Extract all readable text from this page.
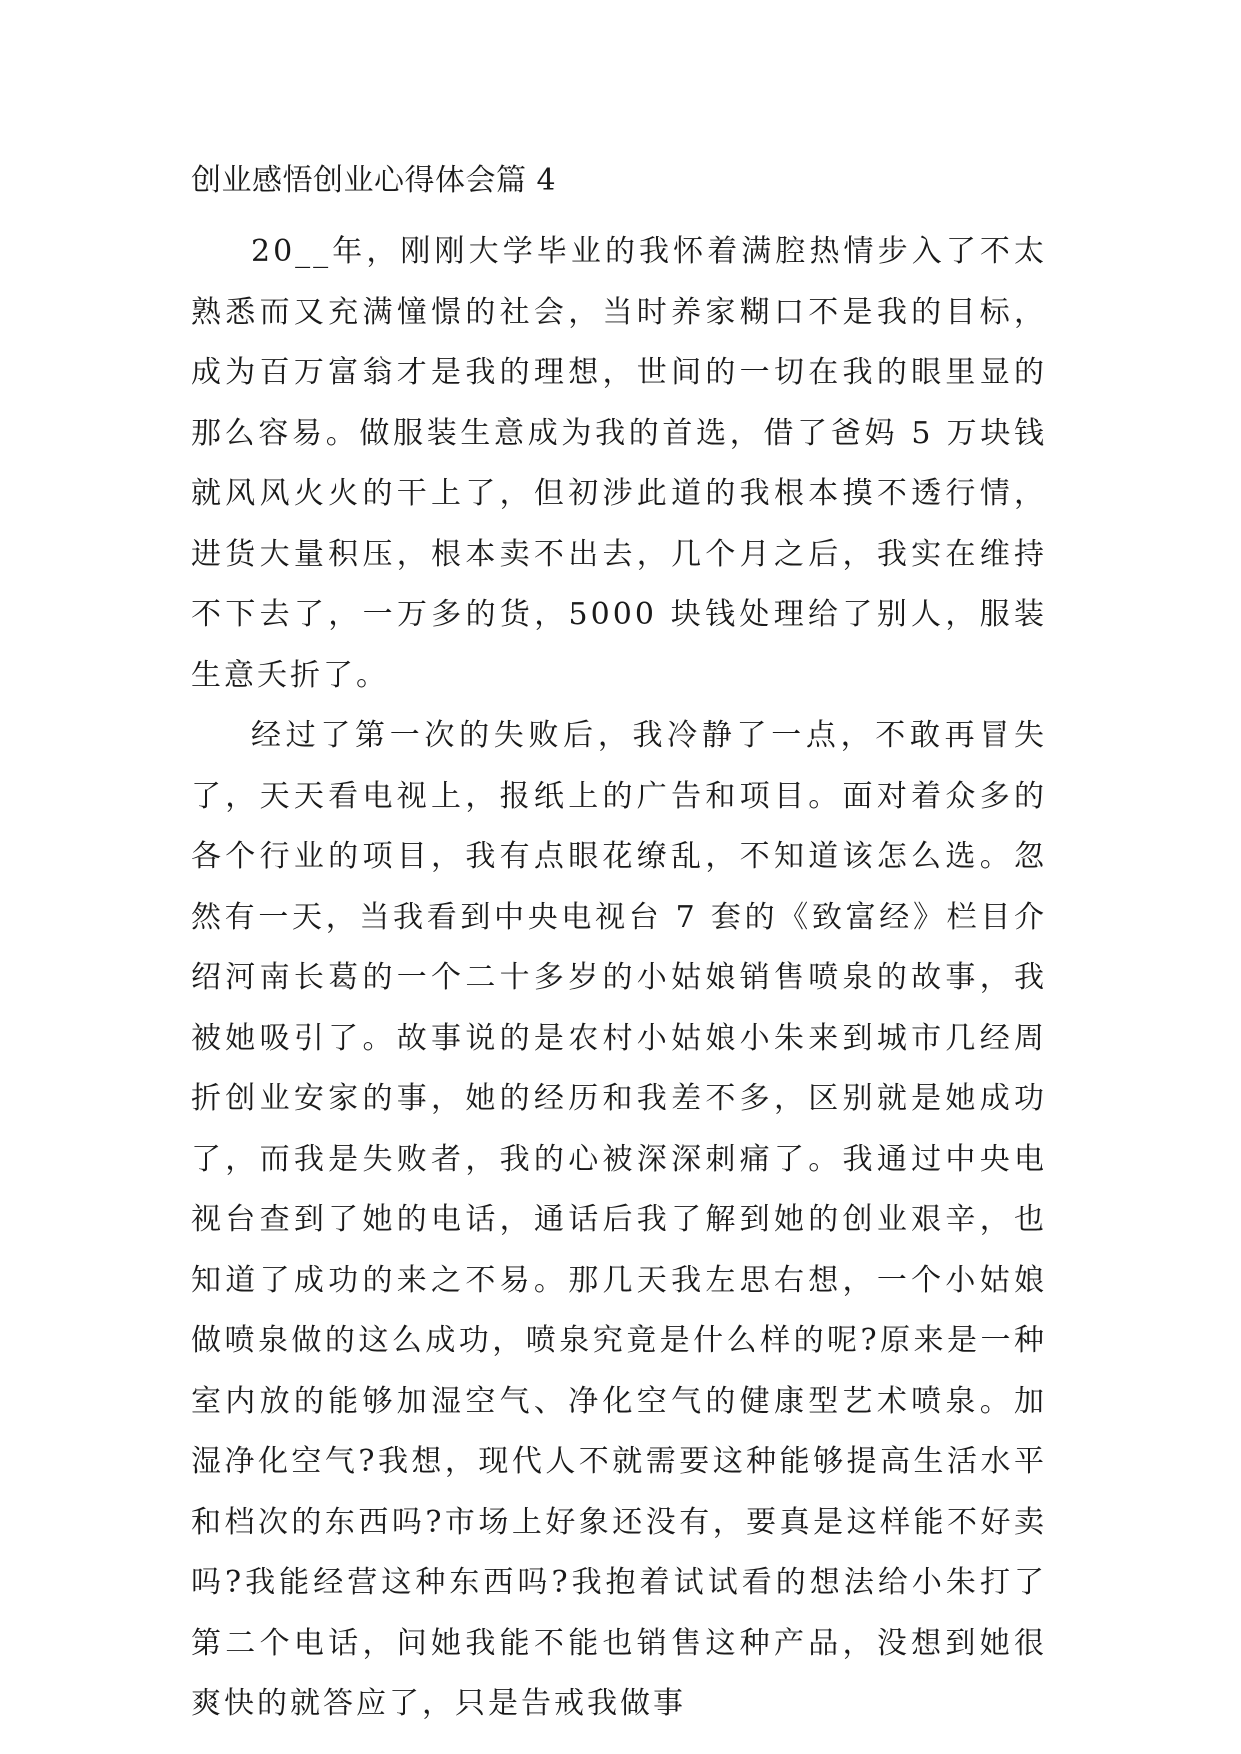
创业感悟创业心得体会篇 4

20__年，刚刚大学毕业的我怀着满腔热情步入了不太熟悉而又充满憧憬的社会，当时养家糊口不是我的目标，成为百万富翁才是我的理想，世间的一切在我的眼里显的那么容易。做服装生意成为我的首选，借了爸妈 5 万块钱就风风火火的干上了，但初涉此道的我根本摸不透行情，进货大量积压，根本卖不出去，几个月之后，我实在维持不下去了，一万多的货，5000 块钱处理给了别人，服装生意夭折了。

经过了第一次的失败后，我冷静了一点，不敢再冒失了，天天看电视上，报纸上的广告和项目。面对着众多的各个行业的项目，我有点眼花缭乱，不知道该怎么选。忽然有一天，当我看到中央电视台 7 套的《致富经》栏目介绍河南长葛的一个二十多岁的小姑娘销售喷泉的故事，我被她吸引了。故事说的是农村小姑娘小朱来到城市几经周折创业安家的事，她的经历和我差不多，区别就是她成功了，而我是失败者，我的心被深深刺痛了。我通过中央电视台查到了她的电话，通话后我了解到她的创业艰辛，也知道了成功的来之不易。那几天我左思右想，一个小姑娘做喷泉做的这么成功，喷泉究竟是什么样的呢?原来是一种室内放的能够加湿空气、净化空气的健康型艺术喷泉。加湿净化空气?我想，现代人不就需要这种能够提高生活水平和档次的东西吗?市场上好象还没有，要真是这样能不好卖吗?我能经营这种东西吗?我抱着试试看的想法给小朱打了第二个电话，问她我能不能也销售这种产品，没想到她很爽快的就答应了，只是告戒我做事
